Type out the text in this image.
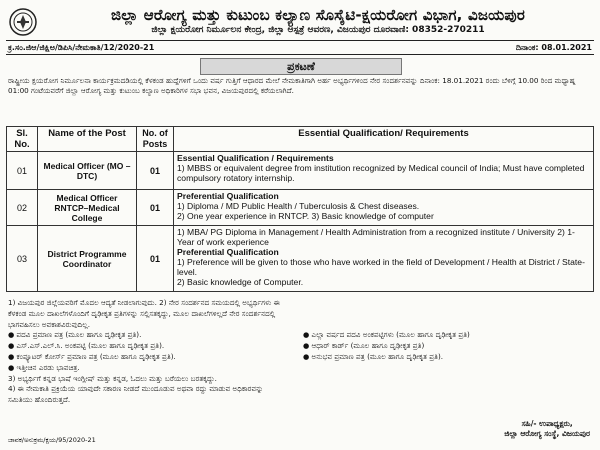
ಜಿಲ್ಲಾ ಆರೋಗ್ಯ ಮತ್ತು ಕುಟುಂಬ ಕಲ್ಯಾಣ ಸೊಸೈಟಿ-ಕ್ಷಯರೋಗ ವಿಭಾಗ, ವಿಜಯಪುರ
ಜಿಲ್ಲಾ ಕ್ಷಯರೋಗ ನಿರ್ಮೂಲನ ಕೇಂದ್ರ, ಜಿಲ್ಲಾ ಆಸ್ಪತ್ರೆ ಆವರಣ, ವಿಜಯಪುರ ದೂರವಾಣಿ: 08352-270211
ಕ್ರ.ಸಂ.ಜಿಆ/ಜಿಕ್ಷಿಅ/ಡಿಪಿಸಿ/ನೇಮಕಾತಿ/12/2020-21	ದಿನಾಂಕ: 08.01.2021
ಪ್ರಕಟಣೆ
ರಾಷ್ಟ್ರೀಯ ಕ್ಷಯರೋಗ ನಿರ್ಮೂಲನಾ ಕಾರ್ಯಕ್ರಮದಡಿಯಲ್ಲಿ ಕೆಳಕಂಡ ಹುದ್ದೆಗಳಿಗೆ ಒಂದು ವರ್ಷ ಗುತ್ತಿಗೆ ಆಧಾರದ ಮೇಲೆ ನೇಮಕಾತಿಗಾಗಿ ಅರ್ಹ ಅಭ್ಯರ್ಥಿಗಳಿಂದ ನೇರ ಸಂದರ್ಶನವನ್ನು ದಿನಾಂಕ: 18.01.2021 ರಂದು ಬೆಳಿಗ್ಗೆ 10.00 ರಿಂದ ಮಧ್ಯಾಹ್ನ 01:00 ಗಂಟೆಯವರೆಗೆ ಜಿಲ್ಲಾ ಆರೋಗ್ಯ ಮತ್ತು ಕುಟುಂಬ ಕಲ್ಯಾಣ ಅಧಿಕಾರಿಗಳ ಸಭಾ ಭವನ, ವಿಜಯಪುರದಲ್ಲಿ ಕರೆಯಲಾಗಿದೆ.
Sl. No.	Name of the Post	No. of Posts	Essential Qualification/ Requirements
01	Medical Officer (MO –DTC)	01	Essential Qualification / Requirements
1) MBBS or equivalent degree from institution recognized by Medical council of India; Must have completed compulsory rotatory internship.

02	Medical Officer RNTCP–Medical College	01	Preferential Qualification
1) Diploma / MD Public Health / Tuberculosis & Chest diseases.
2) One year experience in RNTCP. 3) Basic knowledge of computer

03	District Programme Coordinator	01	1) MBA/ PG Diploma in Management / Health Administration from a recognized institute / University 2) 1-Year of work experience
Preferential Qualification
1) Preference will be given to those who have worked in the field of Development / Health at District / State-level.
2) Basic knowledge of Computer.
1) ವಿಜಯಪುರ ಜಿಲ್ಲೆಯವರಿಗೆ ಮೊದಲ ಆದ್ಯತೆ ನೀಡಲಾಗುವುದು. 2) ನೇರ ಸಂದರ್ಶನದ ಸಮಯದಲ್ಲಿ ಅಭ್ಯರ್ಥಿಗಳು ಈ
ಕೆಳಕಂಡ ಮೂಲ ದಾಖಲೆಗಳೊಂದಿಗೆ ದೃಢೀಕೃತ ಪ್ರತಿಗಳನ್ನು ಸಲ್ಲಿಸತಕ್ಕದ್ದು, ಮೂಲ ದಾಖಲೆಗಳಿಲ್ಲದೆ ನೇರ ಸಂದರ್ಶನದಲ್ಲಿ
ಭಾಗವಹಿಸಲು ಅವಕಾಶವಿರುವುದಿಲ್ಲ.
● ಪದವಿ ಪ್ರಮಾಣ ಪತ್ರ (ಮೂಲ ಹಾಗೂ ದೃಢೀಕೃತ ಪ್ರತಿ).	● ಎಲ್ಲಾ ವರ್ಷದ ಪದವಿ ಅಂಕಪಟ್ಟಿಗಳು (ಮೂಲ ಹಾಗೂ ದೃಢೀಕೃತ ಪ್ರತಿ)
● ಎಸ್.ಎಸ್.ಎಲ್.ಸಿ. ಅಂಕಪಟ್ಟಿ (ಮೂಲ ಹಾಗೂ ದೃಢೀಕೃತ ಪ್ರತಿ).	● ಆಧಾರ್ ಕಾರ್ಡ್ (ಮೂಲ ಹಾಗೂ ದೃಢೀಕೃತ ಪ್ರತಿ)
● ಕಂಪ್ಯೂಟರ್ ಕೋರ್ಸ್ ಪ್ರಮಾಣ ಪತ್ರ (ಮೂಲ ಹಾಗೂ ದೃಢೀಕೃತ ಪ್ರತಿ).	● ಅನುಭವ ಪ್ರಮಾಣ ಪತ್ರ (ಮೂಲ ಹಾಗೂ ದೃಢೀಕೃತ ಪ್ರತಿ).
● ಇತ್ತೀಚಿನ ಎರಡು ಭಾವಚಿತ್ರ.
3) ಅಭ್ಯರ್ಥಿಗೆ ಕನ್ನಡ ಭಾಷೆ ಇಂಗ್ಲೀಷ್ ಮತ್ತು ಕನ್ನಡ, ಓದಲು ಮತ್ತು ಬರೆಯಲು ಬರತಕ್ಕದ್ದು.
4) ಈ ನೇಮಕಾತಿ ಪ್ರಕ್ರಿಯೆಯ ಯಾವುದೇ ಸಕಾರಣ ನೀಡದೆ ಮುಂದೂಡುವ ಅಥವಾ ರದ್ದು ಮಾಡುವ ಅಧಿಕಾರವನ್ನು
ಸಮಿತಿಯು ಹೊಂದಿರುತ್ತದೆ.
ಸಹಿ/- ಉಪಾಧ್ಯಕ್ಷರು,
ಜಿಲ್ಲಾ ಆರೋಗ್ಯ ಸಂಸ್ಥೆ, ವಿಜಯಪುರ
ಜಾವಕ/ಅನುಕ್ರಮ/ಕ್ಷಯ/95/2020-21
